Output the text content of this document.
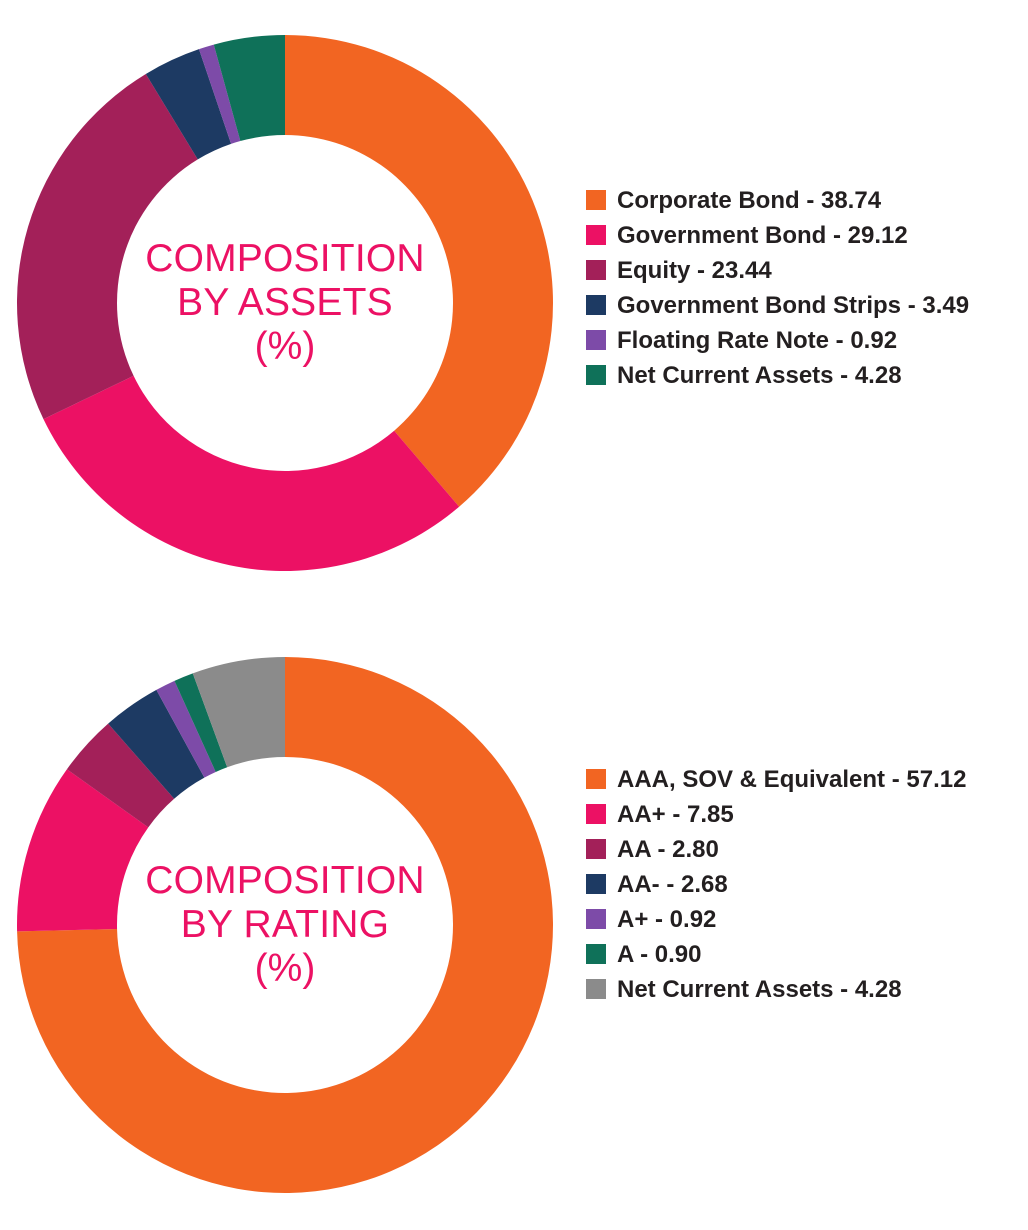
COMPOSITION BY ASSETS
(%)
Corporate Bond - 38.74
Government Bond - 29.12
Equity - 23.44
Government Bond Strips - 3.49
Floating Rate Note - 0.92
Net Current Assets - 4.28
COMPOSITION BY RATING
(%)
AAA, SOV & Equivalent - 57.12
AA+ - 7.85
AA - 2.80
AA- - 2.68
A+ - 0.92
A - 0.90
Net Current Assets - 4.28
